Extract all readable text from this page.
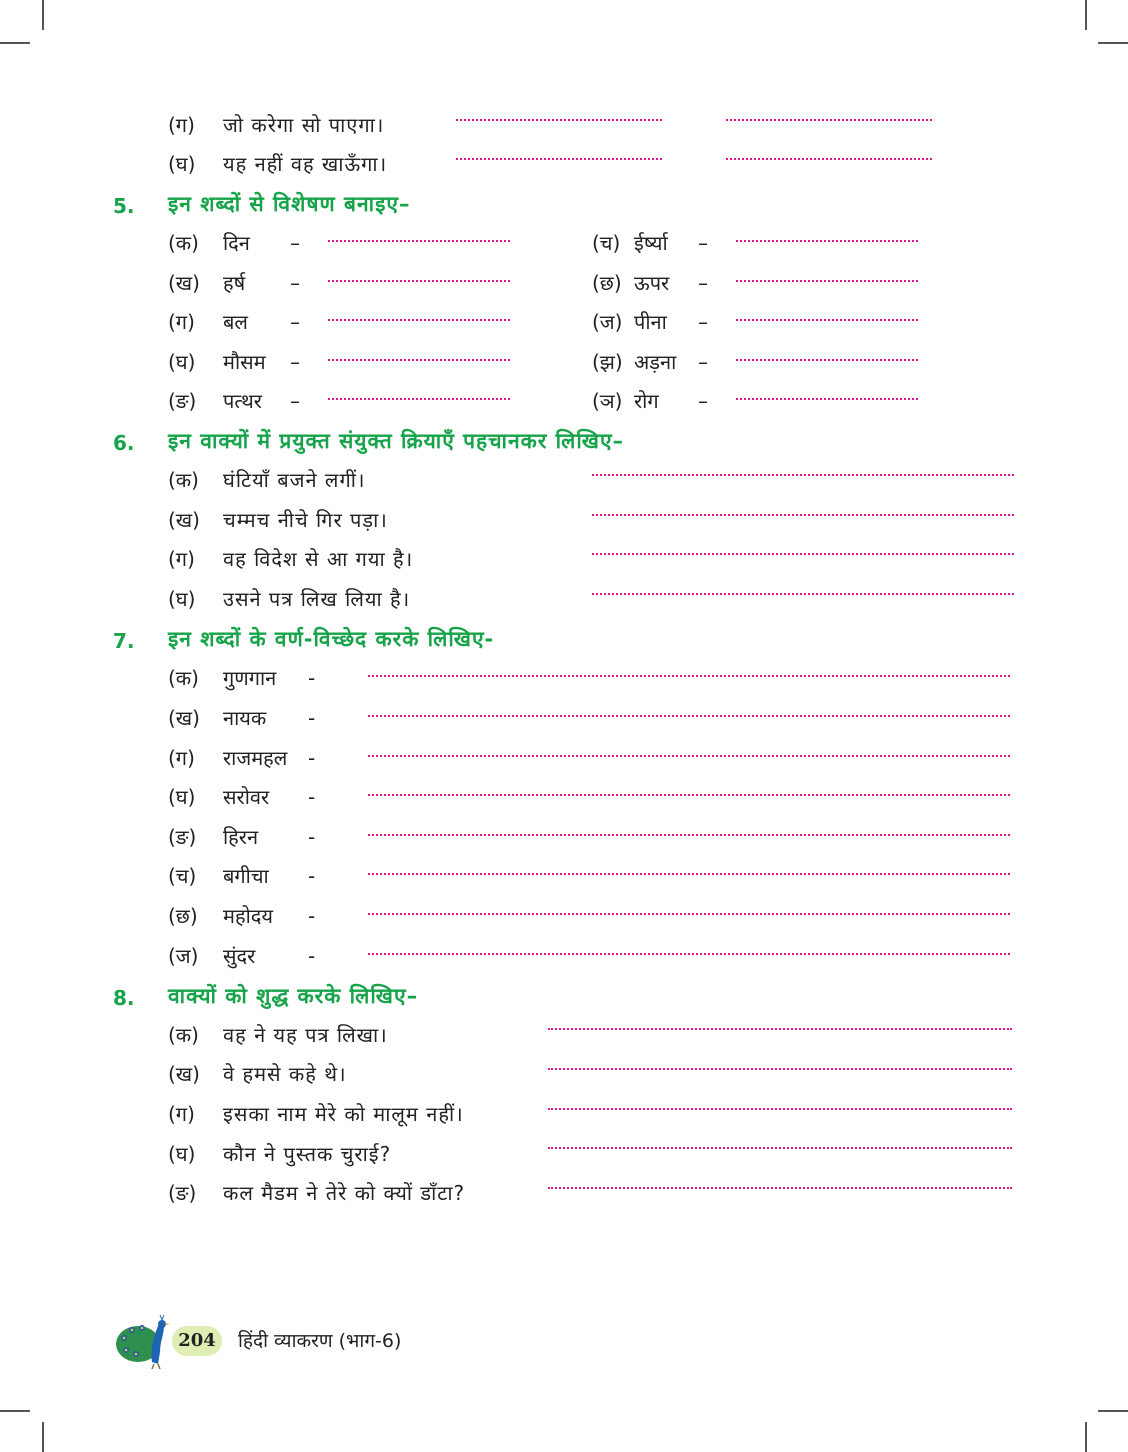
(ग) जो करेगा सो पाएगा।
(घ) यह नहीं वह खाऊँगा।
5. इन शब्दों से विशेषण बनाइए–
(क) दिन –
(ख) हर्ष –
(ग) बल –
(घ) मौसम –
(ङ) पत्थर –
(च) ईर्ष्या –
(छ) ऊपर –
(ज) पीना –
(झ) अड़ना –
(ञ) रोग –
6. इन वाक्यों में प्रयुक्त संयुक्त क्रियाएँ पहचानकर लिखिए–
(क) घंटियाँ बजने लगीं।
(ख) चम्मच नीचे गिर पड़ा।
(ग) वह विदेश से आ गया है।
(घ) उसने पत्र लिख लिया है।
7. इन शब्दों के वर्ण-विच्छेद करके लिखिए-
(क) गुणगान -
(ख) नायक -
(ग) राजमहल -
(घ) सरोवर -
(ङ) हिरन -
(च) बगीचा -
(छ) महोदय -
(ज) सुंदर	-
8. वाक्यों को शुद्ध करके लिखिए–
(क) वह ने यह पत्र लिखा।
(ख) वे हमसे कहे थे।
(ग) इसका नाम मेरे को मालूम नहीं।
(घ) कौन ने पुस्तक चुराई?
(ङ) कल मैडम ने तेरे को क्यों डाँटा?
204	हिंदी व्याकरण (भाग-6)
